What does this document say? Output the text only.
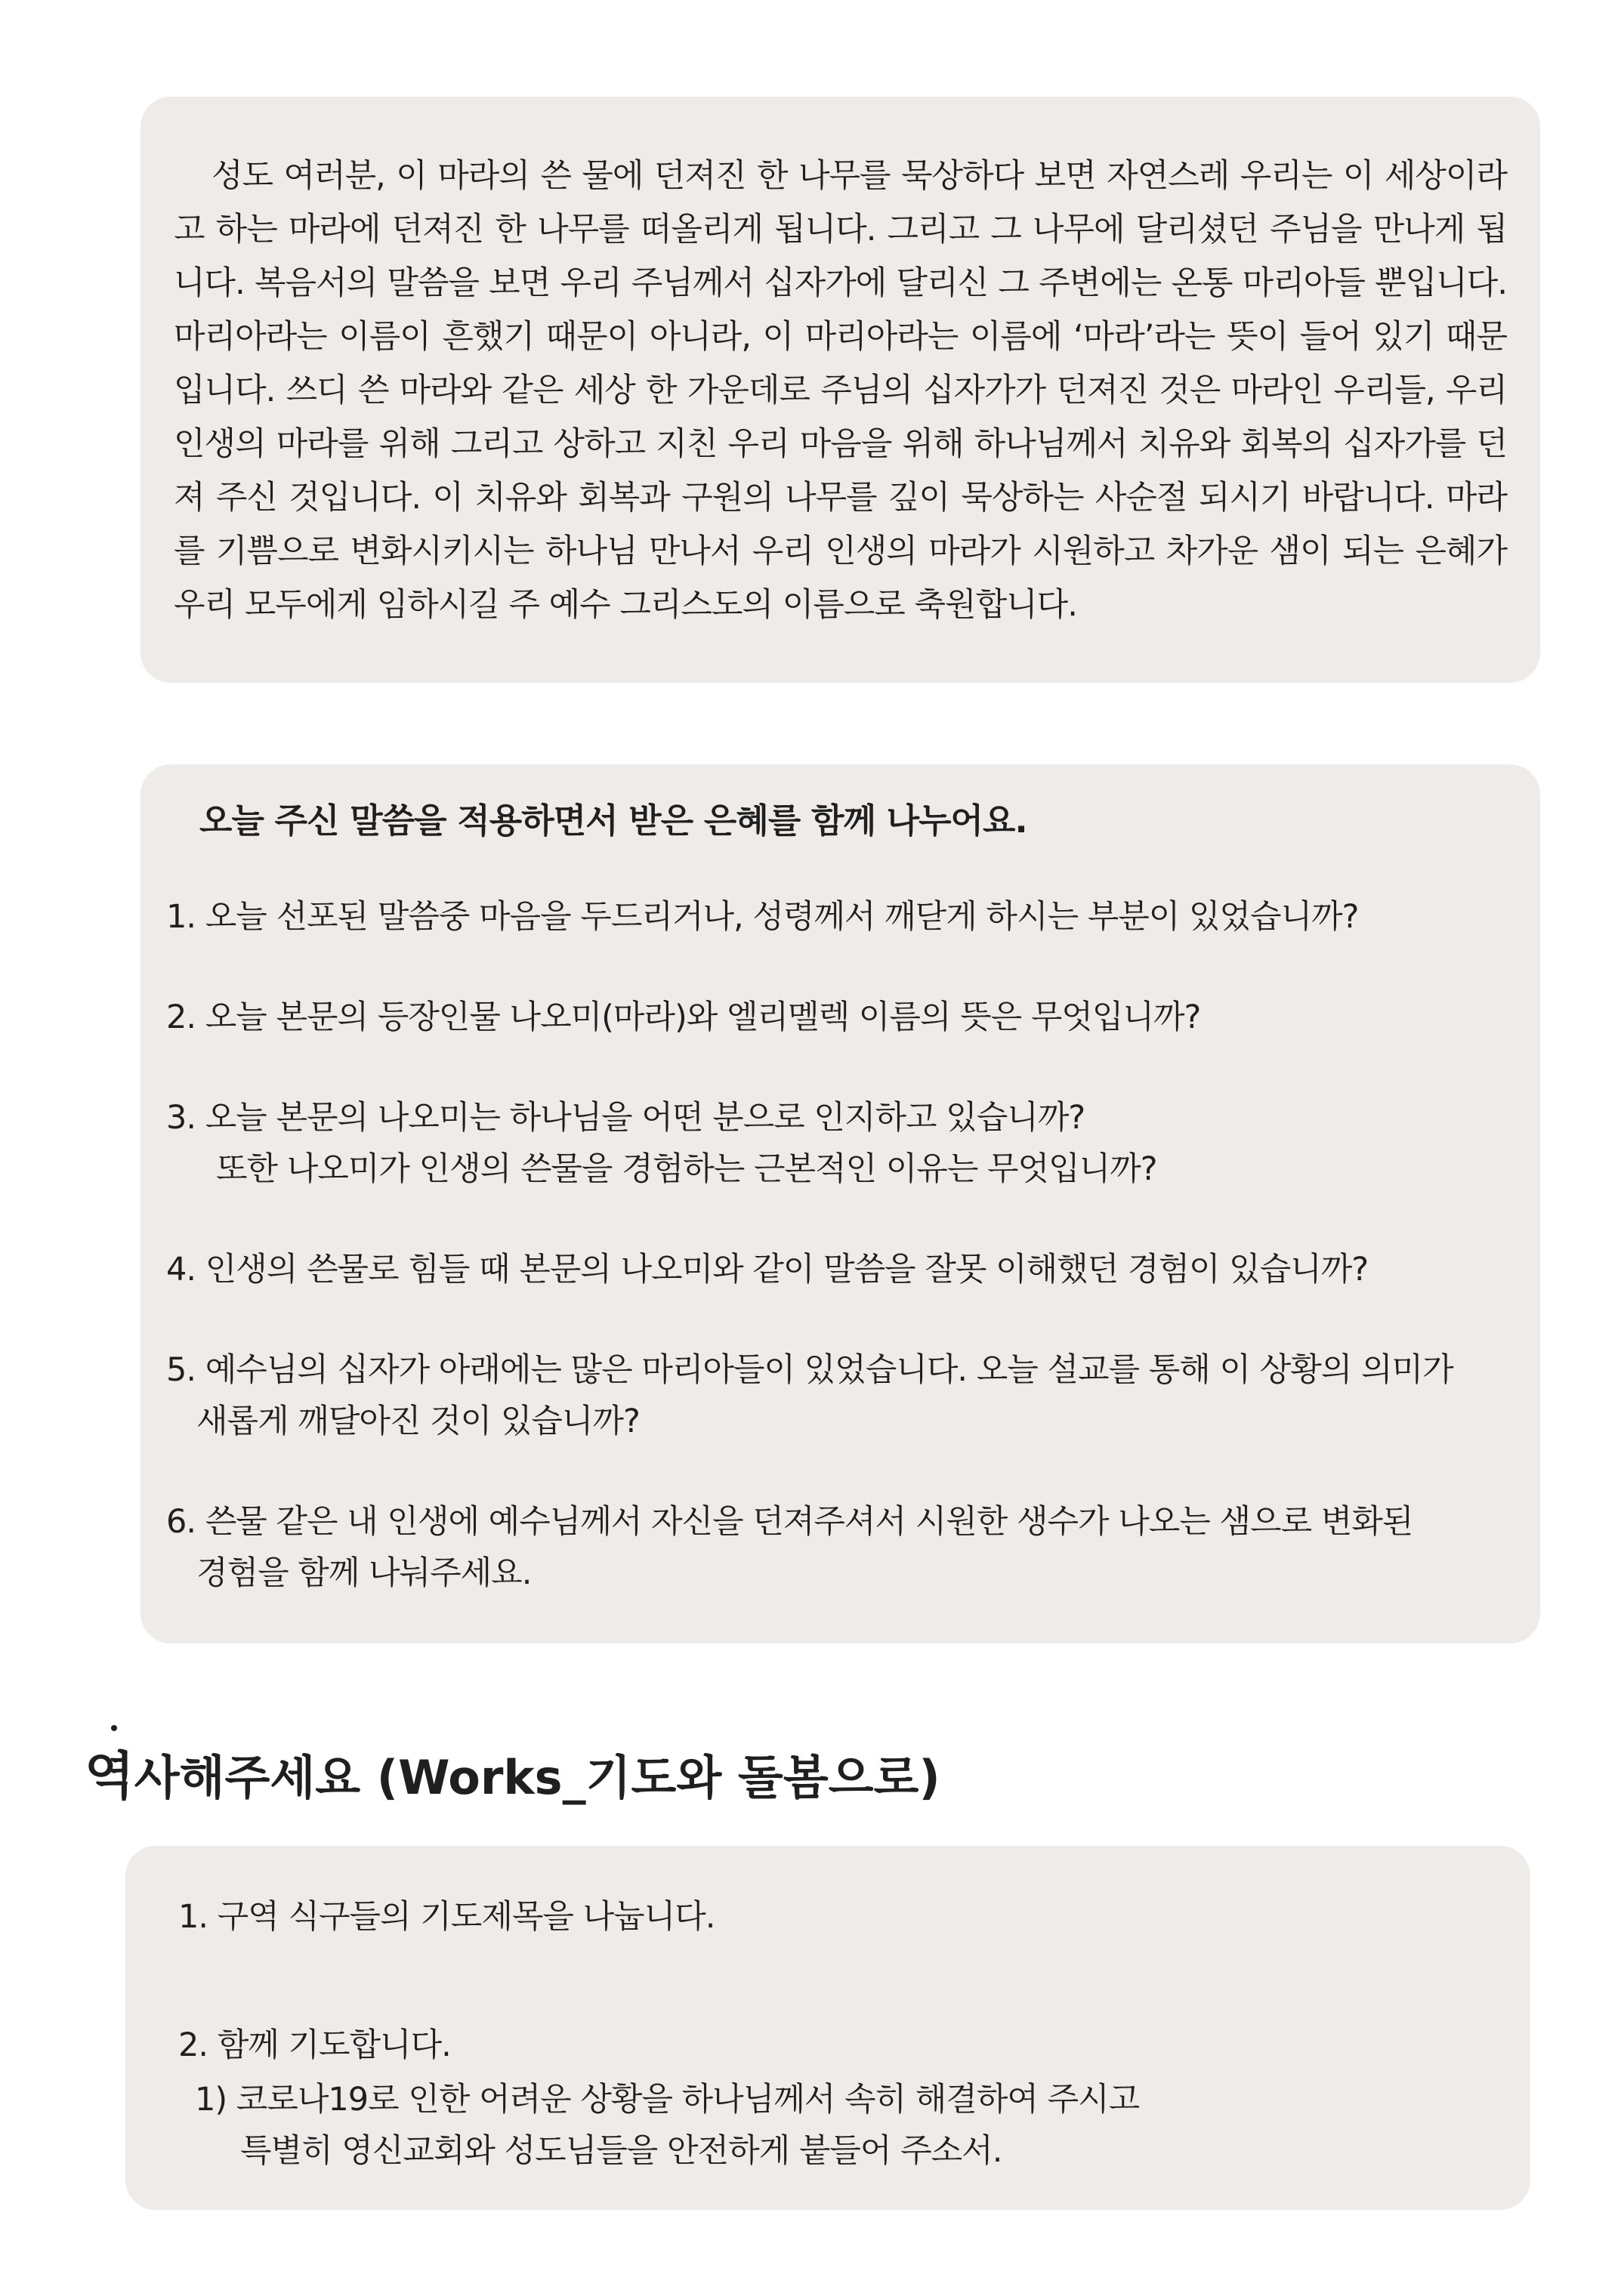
성도 여러분, 이 마라의 쓴 물에 던져진 한 나무를 묵상하다 보면 자연스레 우리는 이 세상이라고 하는 마라에 던져진 한 나무를 떠올리게 됩니다. 그리고 그 나무에 달리셨던 주님을 만나게 됩니다. 복음서의 말씀을 보면 우리 주님께서 십자가에 달리신 그 주변에는 온통 마리아들 뿐입니다. 마리아라는 이름이 흔했기 때문이 아니라, 이 마리아라는 이름에 ‘마라’라는 뜻이 들어 있기 때문입니다. 쓰디 쓴 마라와 같은 세상 한 가운데로 주님의 십자가가 던져진 것은 마라인 우리들, 우리 인생의 마라를 위해 그리고 상하고 지친 우리 마음을 위해 하나님께서 치유와 회복의 십자가를 던져 주신 것입니다. 이 치유와 회복과 구원의 나무를 깊이 묵상하는 사순절 되시기 바랍니다. 마라를 기쁨으로 변화시키시는 하나님 만나서 우리 인생의 마라가 시원하고 차가운 샘이 되는 은혜가 우리 모두에게 임하시길 주 예수 그리스도의 이름으로 축원합니다.

오늘 주신 말씀을 적용하면서 받은 은혜를 함께 나누어요.

1. 오늘 선포된 말씀중 마음을 두드리거나, 성령께서 깨닫게 하시는 부분이 있었습니까?
2. 오늘 본문의 등장인물 나오미(마라)와 엘리멜렉 이름의 뜻은 무엇입니까?
3. 오늘 본문의 나오미는 하나님을 어떤 분으로 인지하고 있습니까?
또한 나오미가 인생의 쓴물을 경험하는 근본적인 이유는 무엇입니까?
4. 인생의 쓴물로 힘들 때 본문의 나오미와 같이 말씀을 잘못 이해했던 경험이 있습니까?
5. 예수님의 십자가 아래에는 많은 마리아들이 있었습니다. 오늘 설교를 통해 이 상황의 의미가
새롭게 깨달아진 것이 있습니까?
6. 쓴물 같은 내 인생에 예수님께서 자신을 던져주셔서 시원한 생수가 나오는 샘으로 변화된
경험을 함께 나눠주세요.
역사해주세요 (Works_기도와 돌봄으로)

1. 구역 식구들의 기도제목을 나눕니다.

2. 함께 기도합니다.

1) 코로나19로 인한 어려운 상황을 하나님께서 속히 해결하여 주시고

특별히 영신교회와 성도님들을 안전하게 붙들어 주소서.
